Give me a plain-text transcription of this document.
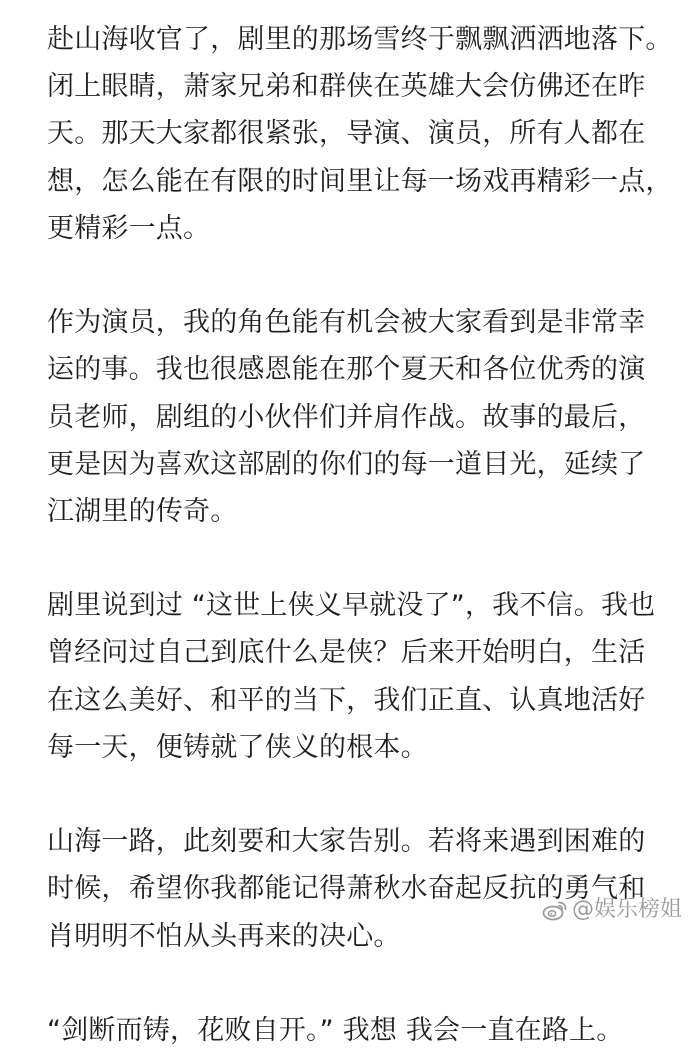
赴山海收官了，剧里的那场雪终于飘飘洒洒地落下。
闭上眼睛，萧家兄弟和群侠在英雄大会仿佛还在昨
天。那天大家都很紧张，导演、演员，所有人都在
想，怎么能在有限的时间里让每一场戏再精彩一点，
更精彩一点。

作为演员，我的角色能有机会被大家看到是非常幸
运的事。我也很感恩能在那个夏天和各位优秀的演
员老师，剧组的小伙伴们并肩作战。故事的最后，
更是因为喜欢这部剧的你们的每一道目光，延续了
江湖里的传奇。

剧里说到过 “这世上侠义早就没了”，我不信。我也
曾经问过自己到底什么是侠？后来开始明白，生活
在这么美好、和平的当下，我们正直、认真地活好
每一天，便铸就了侠义的根本。

山海一路，此刻要和大家告别。若将来遇到困难的
时候，希望你我都能记得萧秋水奋起反抗的勇气和
肖明明不怕从头再来的决心。

“剑断而铸，花败自开。” 我想 我会一直在路上。

@娱乐榜姐
